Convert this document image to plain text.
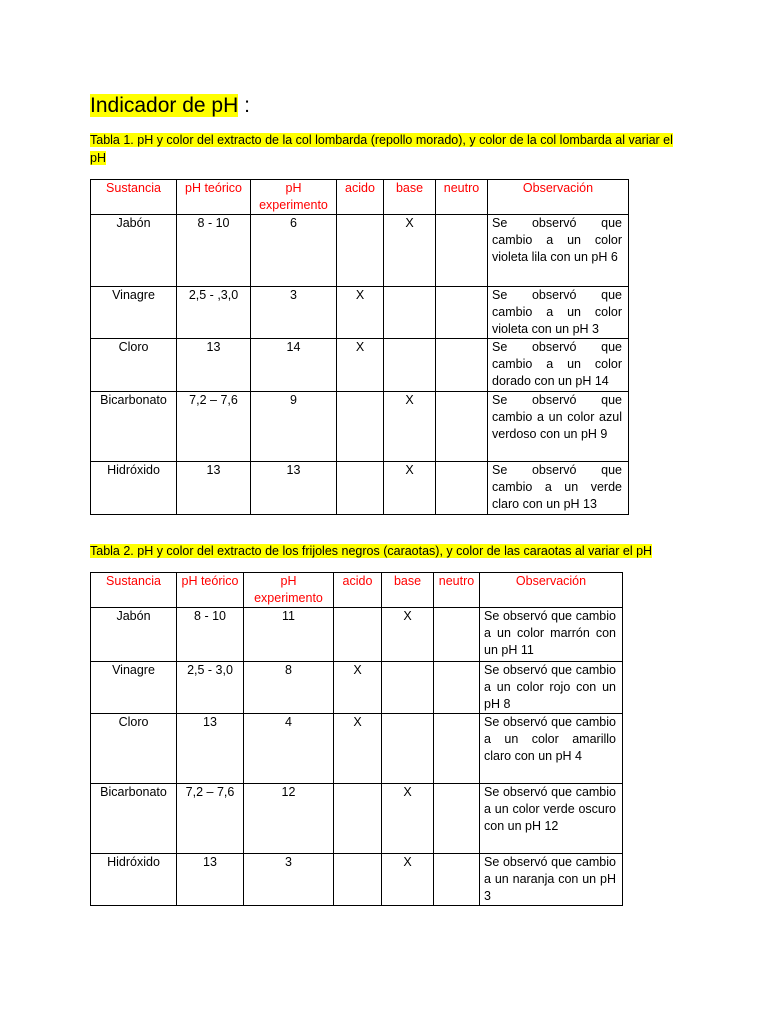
Indicador de pH :
Tabla 1. pH y color del extracto de la col lombarda (repollo morado), y color de la col lombarda al variar el pH
Sustancia	pH teórico	pH experimento	acido	base	neutro	Observación
Jabón	8 - 10	6		X		Se observó que cambio a un color violeta lila con un pH 6
Vinagre	2,5 - ,3,0	3	X			Se observó que cambio a un color violeta con un pH 3
Cloro	13	14	X			Se observó que cambio a un color dorado con un pH 14
Bicarbonato	7,2 – 7,6	9		X		Se observó que cambio a un color azul verdoso con un pH 9
Hidróxido	13	13		X		Se observó que cambio a un verde claro con un pH 13
Tabla 2. pH y color del extracto de los frijoles negros (caraotas), y color de las caraotas al variar el pH
Sustancia	pH teórico	pH experimento	acido	base	neutro	Observación
Jabón	8 - 10	11		X		Se observó que cambio a un color marrón con un pH 11
Vinagre	2,5 - 3,0	8	X			Se observó que cambio a un color rojo con un pH 8
Cloro	13	4	X			Se observó que cambio a un color amarillo claro con un pH 4
Bicarbonato	7,2 – 7,6	12		X		Se observó que cambio a un color verde oscuro con un pH 12
Hidróxido	13	3		X		Se observó que cambio a un naranja con un pH 3
